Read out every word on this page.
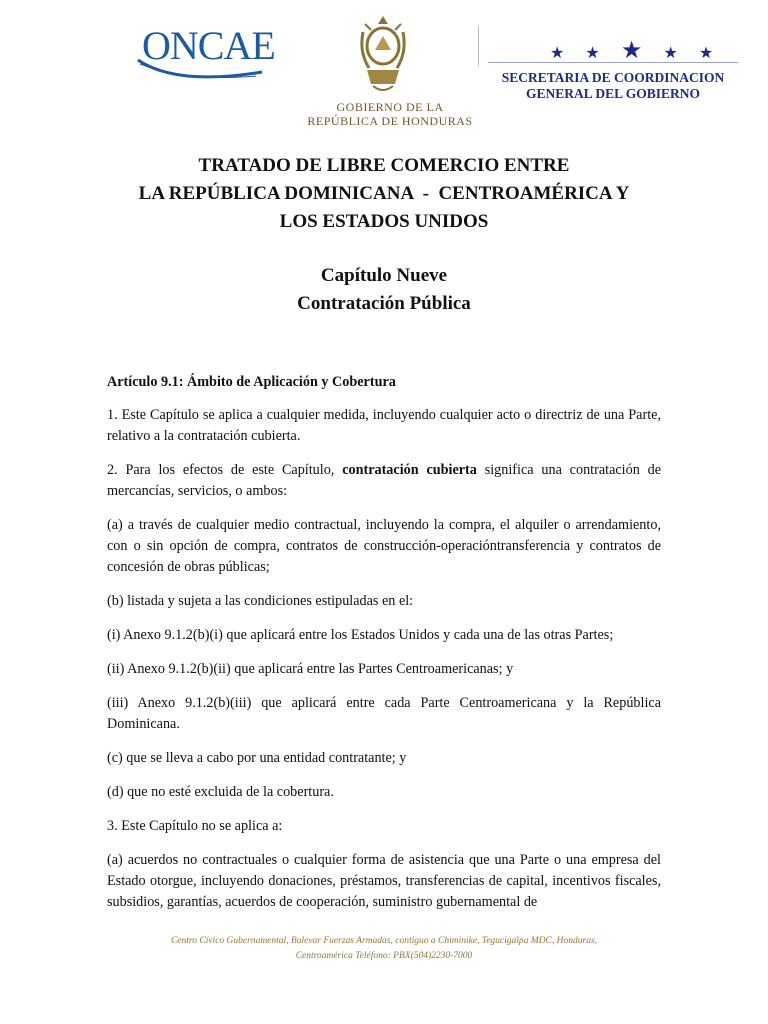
ONCAE
GOBIERNO DE LA
REPÚBLICA DE HONDURAS
★ ★ ★ ★ ★
SECRETARIA DE COORDINACION
GENERAL DEL GOBIERNO
TRATADO DE LIBRE COMERCIO ENTRE
LA REPÚBLICA DOMINICANA  -  CENTROAMÉRICA Y
LOS ESTADOS UNIDOS
Capítulo Nueve
Contratación Pública

Artículo 9.1: Ámbito de Aplicación y Cobertura

1. Este Capítulo se aplica a cualquier medida, incluyendo cualquier acto o directriz de una Parte, relativo a la contratación cubierta.

2. Para los efectos de este Capítulo, contratación cubierta significa una contratación de mercancías, servicios, o ambos:

(a) a través de cualquier medio contractual, incluyendo la compra, el alquiler o arrendamiento, con o sin opción de compra, contratos de construcción-operacióntransferencia y contratos de concesión de obras públicas;

(b) listada y sujeta a las condiciones estipuladas en el:

(i) Anexo 9.1.2(b)(i) que aplicará entre los Estados Unidos y cada una de las otras Partes;

(ii) Anexo 9.1.2(b)(ii) que aplicará entre las Partes Centroamericanas; y

(iii) Anexo 9.1.2(b)(iii) que aplicará entre cada Parte Centroamericana y la República Dominicana.

(c) que se lleva a cabo por una entidad contratante; y

(d) que no esté excluida de la cobertura.

3. Este Capítulo no se aplica a:

(a) acuerdos no contractuales o cualquier forma de asistencia que una Parte o una empresa del Estado otorgue, incluyendo donaciones, préstamos, transferencias de capital, incentivos fiscales, subsidios, garantías, acuerdos de cooperación, suministro gubernamental de

Centro Cívico Gubernamental, Bulevar Fuerzas Armadas, contiguo a Chiminike, Tegucigalpa MDC, Honduras,
Centroamérica Teléfono: PBX(504)2230-7000
